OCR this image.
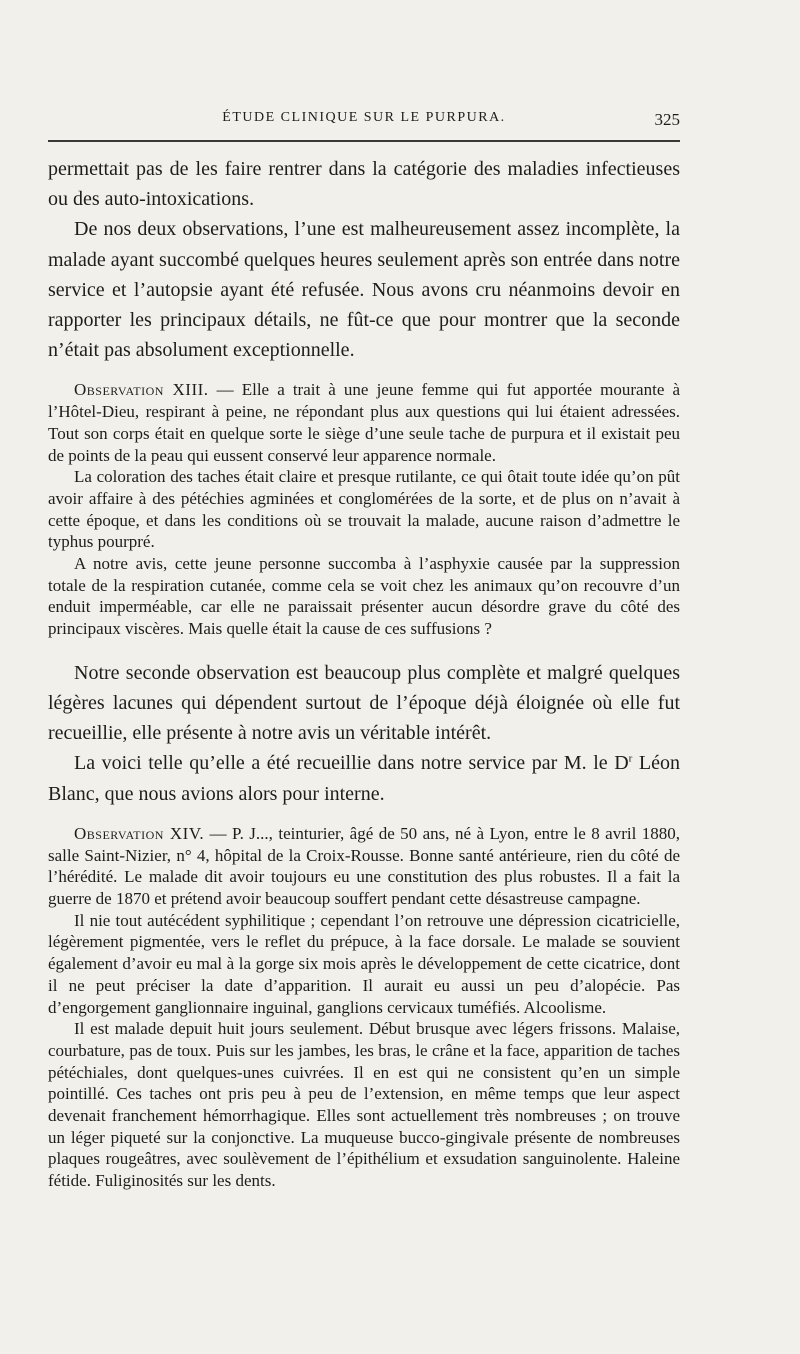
ÉTUDE CLINIQUE SUR LE PURPURA.	325

permettait pas de les faire rentrer dans la catégorie des maladies infectieuses ou des auto-intoxications.

De nos deux observations, l’une est malheureusement assez incomplète, la malade ayant succombé quelques heures seulement après son entrée dans notre service et l’autopsie ayant été refusée. Nous avons cru néanmoins devoir en rapporter les principaux détails, ne fût-ce que pour montrer que la seconde n’était pas absolument exceptionnelle.

Observation XIII. — Elle a trait à une jeune femme qui fut apportée mourante à l’Hôtel-Dieu, respirant à peine, ne répondant plus aux questions qui lui étaient adressées. Tout son corps était en quelque sorte le siège d’une seule tache de purpura et il existait peu de points de la peau qui eussent conservé leur apparence normale.

La coloration des taches était claire et presque rutilante, ce qui ôtait toute idée qu’on pût avoir affaire à des pétéchies agminées et conglomérées de la sorte, et de plus on n’avait à cette époque, et dans les conditions où se trouvait la malade, aucune raison d’admettre le typhus pourpré.

A notre avis, cette jeune personne succomba à l’asphyxie causée par la suppression totale de la respiration cutanée, comme cela se voit chez les animaux qu’on recouvre d’un enduit imperméable, car elle ne paraissait présenter aucun désordre grave du côté des principaux viscères. Mais quelle était la cause de ces suffusions ?

Notre seconde observation est beaucoup plus complète et malgré quelques légères lacunes qui dépendent surtout de l’époque déjà éloignée où elle fut recueillie, elle présente à notre avis un véritable intérêt.

La voici telle qu’elle a été recueillie dans notre service par M. le $D^r$ Léon Blanc, que nous avions alors pour interne.

Observation XIV. — P. J..., teinturier, âgé de 50 ans, né à Lyon, entre le 8 avril 1880, salle Saint-Nizier, n° 4, hôpital de la Croix-Rousse. Bonne santé antérieure, rien du côté de l’hérédité. Le malade dit avoir toujours eu une constitution des plus robustes. Il a fait la guerre de 1870 et prétend avoir beaucoup souffert pendant cette désastreuse campagne.

Il nie tout autécédent syphilitique ; cependant l’on retrouve une dépression cicatricielle, légèrement pigmentée, vers le reflet du prépuce, à la face dorsale. Le malade se souvient également d’avoir eu mal à la gorge six mois après le développement de cette cicatrice, dont il ne peut préciser la date d’apparition. Il aurait eu aussi un peu d’alopécie. Pas d’engorgement ganglionnaire inguinal, ganglions cervicaux tuméfiés. Alcoolisme.

Il est malade depuit huit jours seulement. Début brusque avec légers frissons. Malaise, courbature, pas de toux. Puis sur les jambes, les bras, le crâne et la face, apparition de taches pétéchiales, dont quelques-unes cuivrées. Il en est qui ne consistent qu’en un simple pointillé. Ces taches ont pris peu à peu de l’extension, en même temps que leur aspect devenait franchement hémorrhagique. Elles sont actuellement très nombreuses ; on trouve un léger piqueté sur la conjonctive. La muqueuse bucco-gingivale présente de nombreuses plaques rougeâtres, avec soulèvement de l’épithélium et exsudation sanguinolente. Haleine fétide. Fuliginosités sur les dents.
